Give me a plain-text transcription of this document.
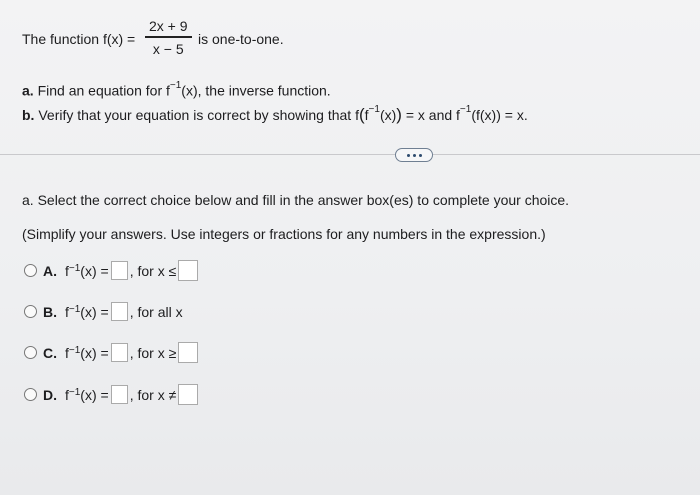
The function f(x) =
2x + 9
x − 5
is one-to-one.
a. Find an equation for $f^{-1}(x)$, the inverse function.
b. Verify that your equation is correct by showing that $f(f^{-1}(x)) = x$ and $f^{-1}(f(x)) = x$.
a. Select the correct choice below and fill in the answer box(es) to complete your choice.
(Simplify your answers. Use integers or fractions for any numbers in the expression.)
A. $f^{-1}$ (x) = , for x ≤
B. $f^{-1}$ (x) = , for all x
C. $f^{-1}$ (x) = , for x ≥
D. $f^{-1}$ (x) = , for x ≠
